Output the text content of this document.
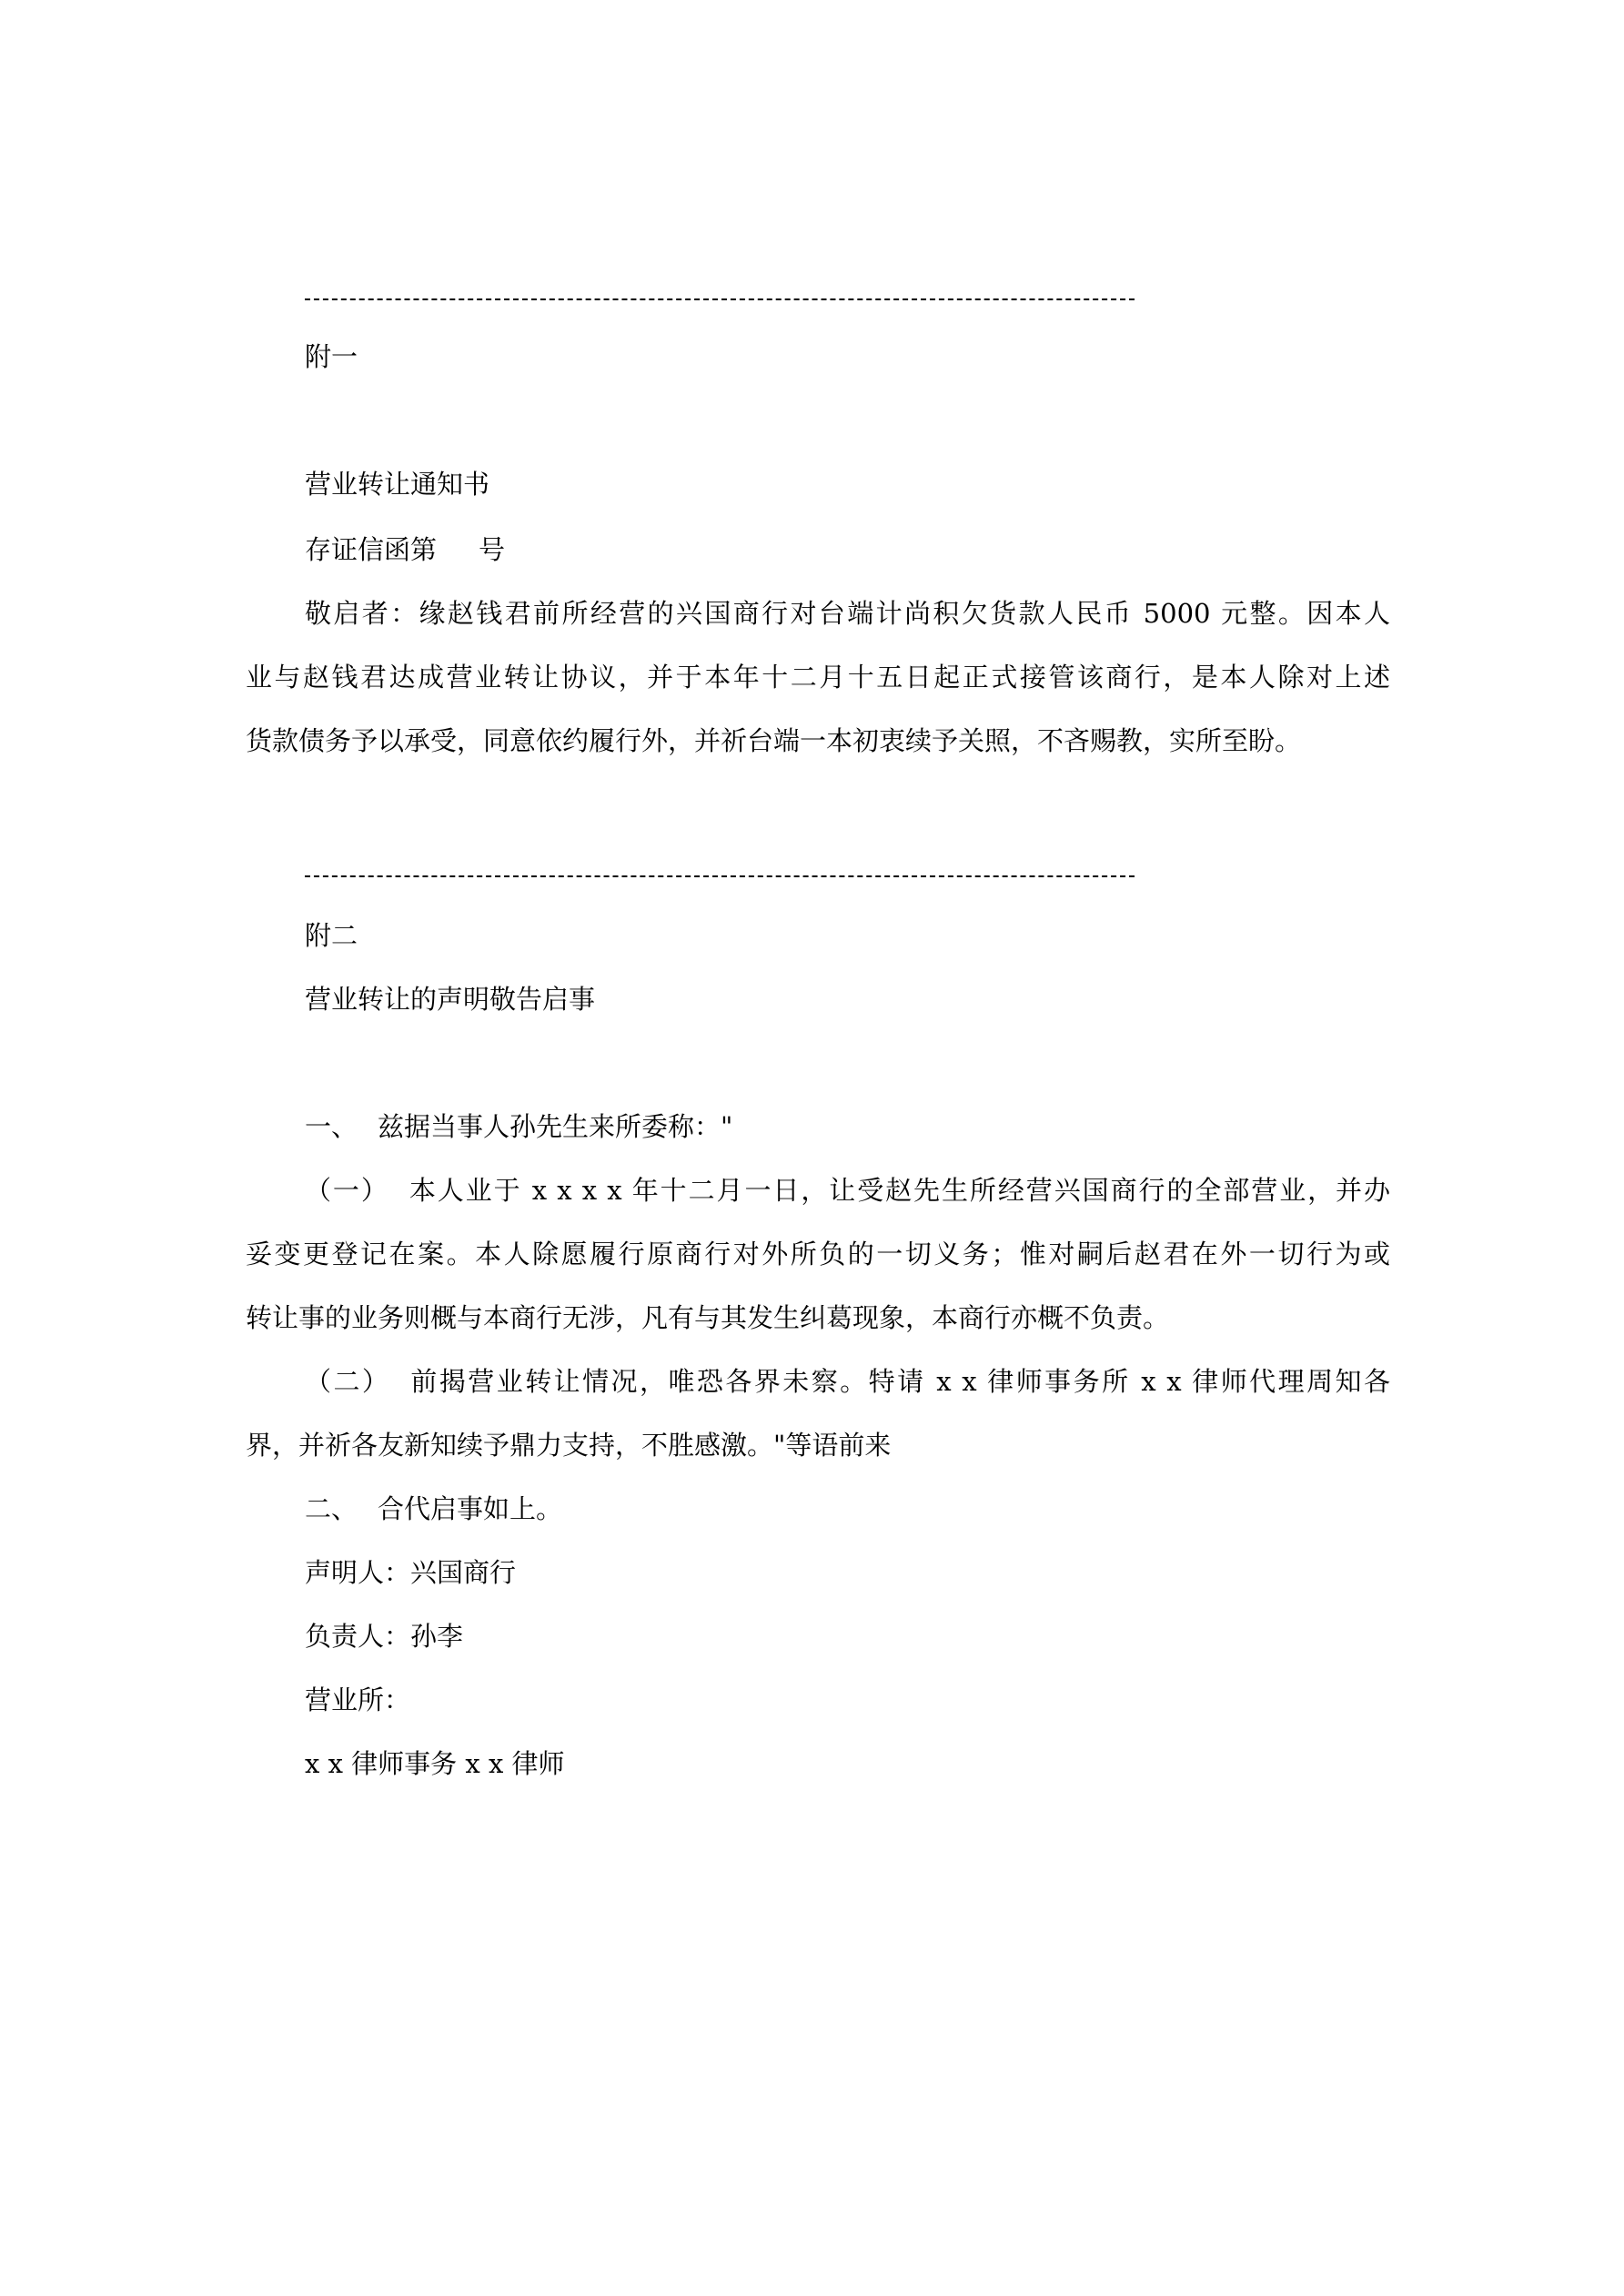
附一
营业转让通知书
存证信函第 号
敬启者：缘赵钱君前所经营的兴国商行对台端计尚积欠货款人民币 5000 元整。因本人
业与赵钱君达成营业转让协议，并于本年十二月十五日起正式接管该商行，是本人除对上述
货款债务予以承受，同意依约履行外，并祈台端一本初衷续予关照，不吝赐教，实所至盼。
附二
营业转让的声明敬告启事
一、 兹据当事人孙先生来所委称："
（一） 本人业于 x x x x 年十二月一日，让受赵先生所经营兴国商行的全部营业，并办
妥变更登记在案。本人除愿履行原商行对外所负的一切义务；惟对嗣后赵君在外一切行为或
转让事的业务则概与本商行无涉，凡有与其发生纠葛现象，本商行亦概不负责。
（二） 前揭营业转让情况，唯恐各界未察。特请 x x 律师事务所 x x 律师代理周知各
界，并祈各友新知续予鼎力支持，不胜感激。"等语前来
二、 合代启事如上。
声明人：兴国商行
负责人：孙李
营业所：
x x 律师事务 x x 律师
